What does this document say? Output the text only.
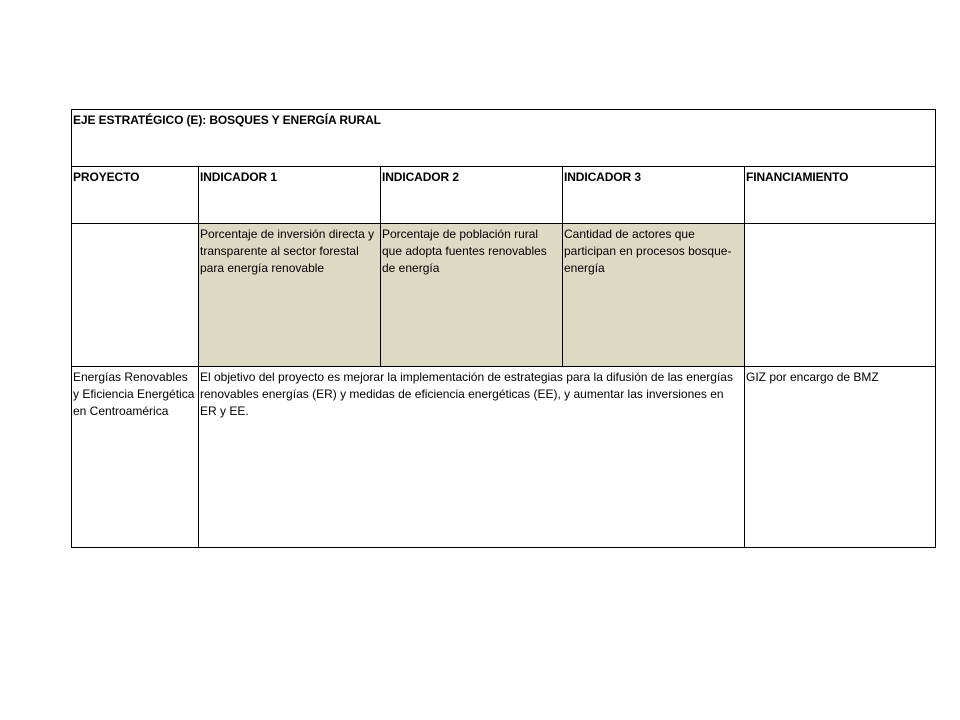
EJE ESTRATÉGICO (E): BOSQUES Y ENERGÍA RURAL				
PROYECTO	INDICADOR 1	INDICADOR 2	INDICADOR 3	FINANCIAMIENTO
	Porcentaje de inversión directa y transparente al sector forestal para energía renovable	Porcentaje de población rural que adopta fuentes renovables de energía	Cantidad de actores que participan en procesos bosque-energía	
Energías Renovables y Eficiencia Energética en Centroamérica	El objetivo del proyecto es mejorar la implementación de estrategias para la difusión de las energías renovables energías (ER) y medidas de eficiencia energéticas (EE), y aumentar las inversiones en ER y EE.			GIZ por encargo de BMZ
